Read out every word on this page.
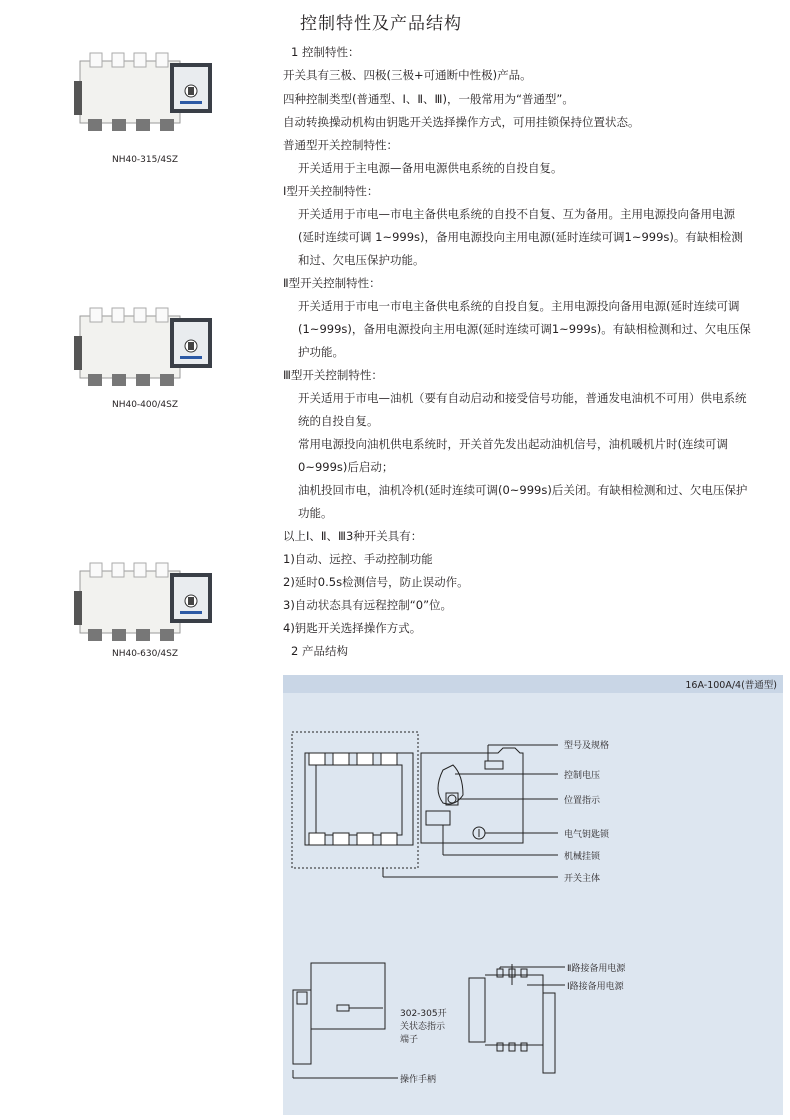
控制特性及产品结构
NH40-315/4SZ
NH40-400/4SZ
NH40-630/4SZ
1 控制特性：
开关具有三极、四极(三极+可通断中性极)产品。
四种控制类型(普通型、Ⅰ、Ⅱ、Ⅲ)，一般常用为“普通型”。
自动转换操动机构由钥匙开关选择操作方式，可用挂锁保持位置状态。
普通型开关控制特性：
开关适用于主电源—备用电源供电系统的自投自复。
Ⅰ型开关控制特性：
开关适用于市电—市电主备供电系统的自投不自复、互为备用。主用电源投向备用电源
(延时连续可调 1~999s)，备用电源投向主用电源(延时连续可调1~999s)。有缺相检测
和过、欠电压保护功能。
Ⅱ型开关控制特性：
开关适用于市电一市电主备供电系统的自投自复。主用电源投向备用电源(延时连续可调
(1~999s)，备用电源投向主用电源(延时连续可调1~999s)。有缺相检测和过、欠电压保
护功能。
Ⅲ型开关控制特性：
开关适用于市电—油机（要有自动启动和接受信号功能，普通发电油机不可用）供电系统
统的自投自复。
常用电源投向油机供电系统时，开关首先发出起动油机信号，油机暖机片时(连续可调
0~999s)后启动；
油机投回市电，油机冷机(延时连续可调(0~999s)后关闭。有缺相检测和过、欠电压保护
功能。
以上Ⅰ、Ⅱ、Ⅲ3种开关具有：
1)自动、远控、手动控制功能
2)延时0.5s检测信号，防止误动作。
3)自动状态具有远程控制“0”位。
4)钥匙开关选择操作方式。
2 产品结构
16A-100A/4(普通型)
型号及规格
控制电压
位置指示
电气钥匙锁
机械挂锁
开关主体
302-305开
关状态指示
端子
操作手柄
Ⅱ路接备用电源
Ⅰ路接备用电源
